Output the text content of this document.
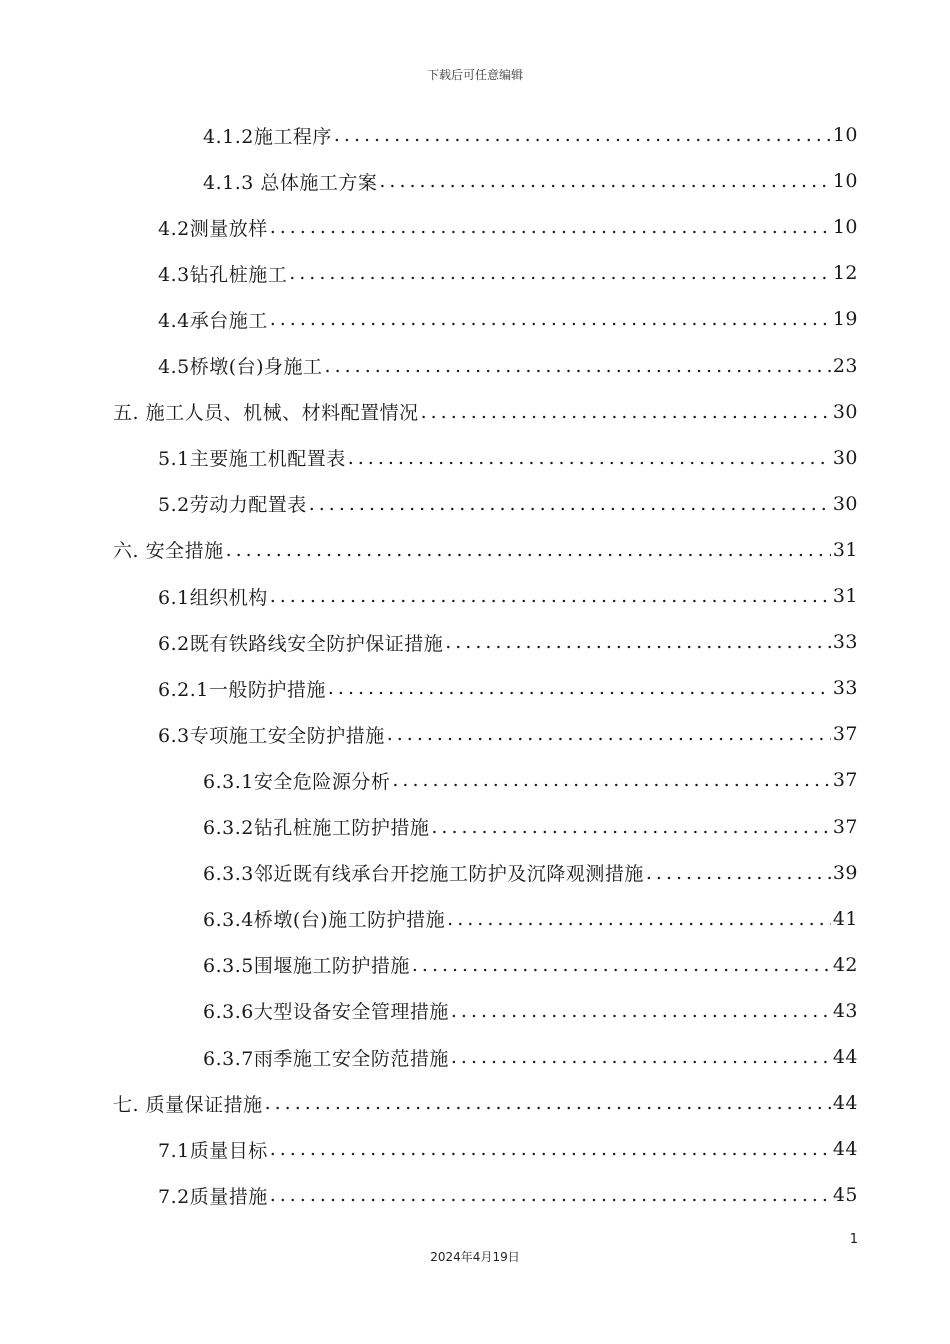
下载后可任意编辑
4.1.2施工程序 .....	10
4.1.3 总体施工方案 .....	10
4.2测量放样 .....	10
4.3钻孔桩施工 .....	12
4.4承台施工 .....	19
4.5桥墩(台)身施工 .....	23
五. 施工人员、机械、材料配置情况 .....	30
5.1主要施工机配置表 .....	30
5.2劳动力配置表 .....	30
六. 安全措施 .....	31
6.1组织机构 .....	31
6.2既有铁路线安全防护保证措施 .....	33
6.2.1一般防护措施 .....	33
6.3专项施工安全防护措施 .....	37
6.3.1安全危险源分析 .....	37
6.3.2钻孔桩施工防护措施 .....	37
6.3.3邻近既有线承台开挖施工防护及沉降观测措施 .....	39
6.3.4桥墩(台)施工防护措施 .....	41
6.3.5围堰施工防护措施 .....	42
6.3.6大型设备安全管理措施 .....	43
6.3.7雨季施工安全防范措施 .....	44
七. 质量保证措施 .....	44
7.1质量目标 .....	44
7.2质量措施 .....	45
1
2024年4月19日
